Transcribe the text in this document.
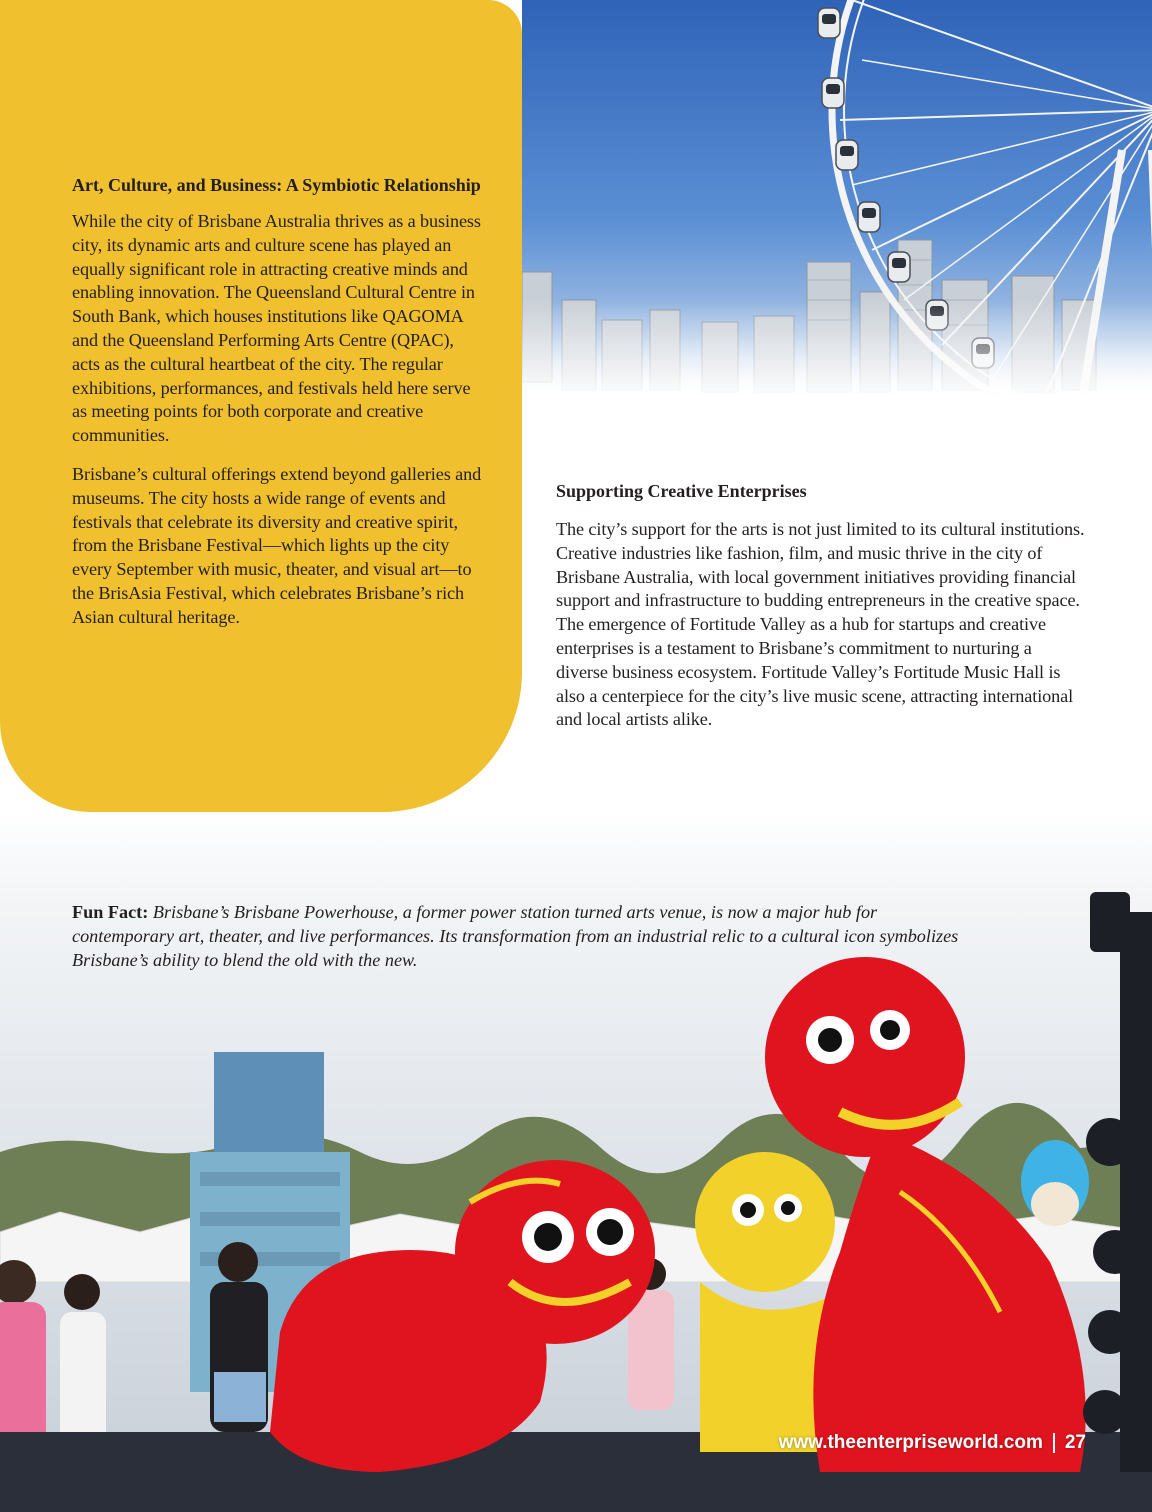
Art, Culture, and Business: A Symbiotic Relationship

While the city of Brisbane Australia thrives as a business city, its dynamic arts and culture scene has played an equally significant role in attracting creative minds and enabling innovation. The Queensland Cultural Centre in South Bank, which houses institutions like QAGOMA and the Queensland Performing Arts Centre (QPAC), acts as the cultural heartbeat of the city. The regular exhibitions, performances, and festivals held here serve as meeting points for both corporate and creative communities.

Brisbane’s cultural offerings extend beyond galleries and museums. The city hosts a wide range of events and festivals that celebrate its diversity and creative spirit, from the Brisbane Festival—which lights up the city every September with music, theater, and visual art—to the BrisAsia Festival, which celebrates Brisbane’s rich Asian cultural heritage.

Supporting Creative Enterprises

The city’s support for the arts is not just limited to its cultural institutions. Creative industries like fashion, film, and music thrive in the city of Brisbane Australia, with local government initiatives providing financial support and infrastructure to budding entrepreneurs in the creative space. The emergence of Fortitude Valley as a hub for startups and creative enterprises is a testament to Brisbane’s commitment to nurturing a diverse business ecosystem. Fortitude Valley’s Fortitude Music Hall is also a centerpiece for the city’s live music scene, attracting international and local artists alike.

Fun Fact: Brisbane’s Brisbane Powerhouse, a former power station turned arts venue, is now a major hub for contemporary art, theater, and live performances. Its transformation from an industrial relic to a cultural icon symbolizes Brisbane’s ability to blend the old with the new.

www.theenterpriseworld.com 27
